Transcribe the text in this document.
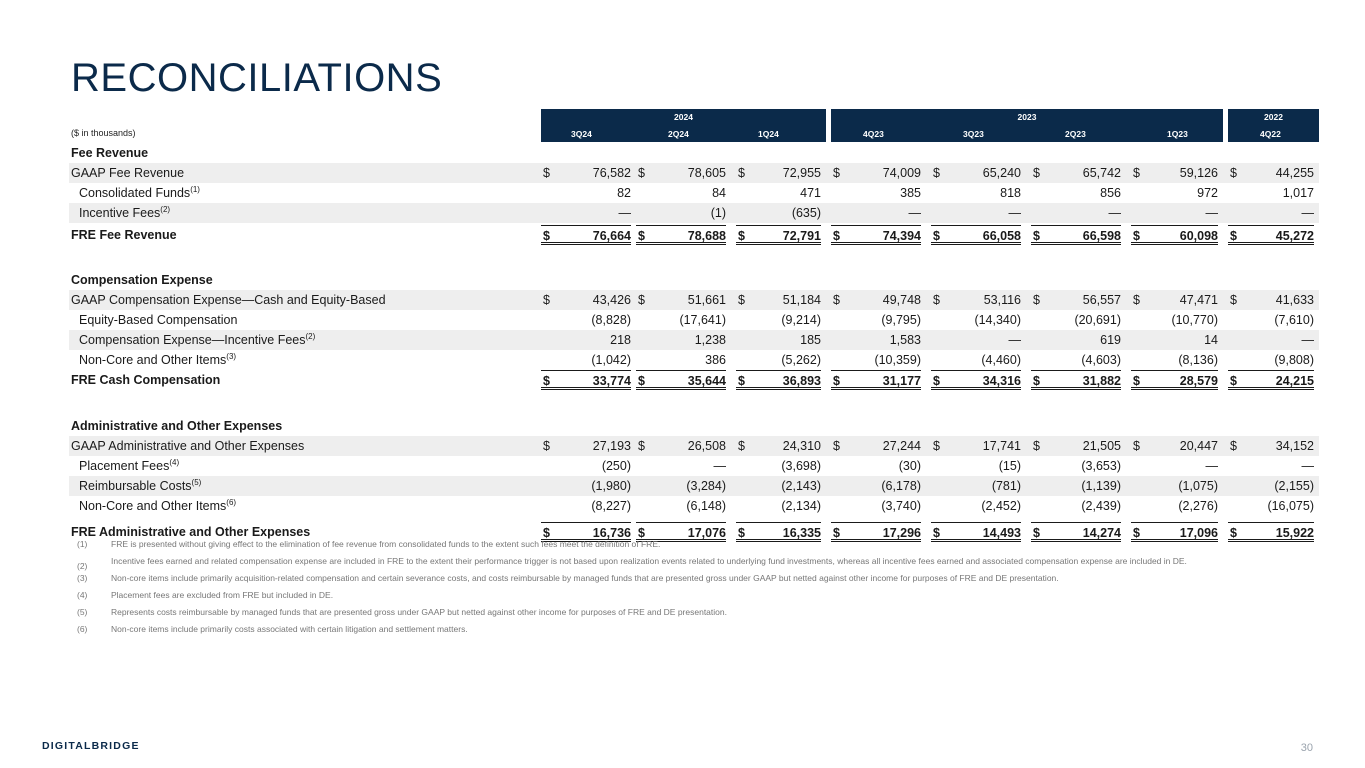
RECONCILIATIONS
2024	2023	2022
($ in thousands)	3Q24	2Q24	1Q24	4Q23	3Q23	2Q23	1Q23	4Q22
Fee Revenue
GAAP Fee Revenue	$	76,582 $	78,605 $	72,955 $	74,009 $	65,240 $	65,742 $	59,126 $	44,255
Consolidated Funds$^{(1)}$	82	84	471	385	818	856	972	1,017
Incentive Fees$^{(2)}$	—	(1)	(635)	—	—	—	—	—
FRE Fee Revenue	$	76,664 $	78,688 $	72,791 $	74,394 $	66,058 $	66,598 $	60,098 $	45,272
Compensation Expense
GAAP Compensation Expense—Cash and Equity-Based	$	43,426 $	51,661 $	51,184 $	49,748 $	53,116 $	56,557 $	47,471 $	41,633
Equity-Based Compensation	(8,828)	(17,641)	(9,214)	(9,795)	(14,340)	(20,691)	(10,770)	(7,610)
Compensation Expense—Incentive Fees$^{(2)}$	218	1,238	185	1,583	—	619	14	—
Non-Core and Other Items$^{(3)}$	(1,042)	386	(5,262)	(10,359)	(4,460)	(4,603)	(8,136)	(9,808)
FRE Cash Compensation	$	33,774 $	35,644 $	36,893 $	31,177 $	34,316 $	31,882 $	28,579 $	24,215
Administrative and Other Expenses
GAAP Administrative and Other Expenses	$	27,193 $	26,508 $	24,310 $	27,244 $	17,741 $	21,505 $	20,447 $	34,152
Placement Fees$^{(4)}$	(250)	—	(3,698)	(30)	(15)	(3,653)	—	—
Reimbursable Costs$^{(5)}$	(1,980)	(3,284)	(2,143)	(6,178)	(781)	(1,139)	(1,075)	(2,155)
Non-Core and Other Items$^{(6)}$	(8,227)	(6,148)	(2,134)	(3,740)	(2,452)	(2,439)	(2,276)	(16,075)
FRE Administrative and Other Expenses	$	16,736 $	17,076 $	16,335 $	17,296 $	14,493 $	14,274 $	17,096 $	15,922
(1)	FRE is presented without giving effect to the elimination of fee revenue from consolidated funds to the extent such fees meet the definition of FRE.
(2)	Incentive fees earned and related compensation expense are included in FRE to the extent their performance trigger is not based upon realization events related to underlying fund investments, whereas all incentive fees earned and associated compensation expense are included in DE.
(3)	Non-core items include primarily acquisition-related compensation and certain severance costs, and costs reimbursable by managed funds that are presented gross under GAAP but netted against other income for purposes of FRE and DE presentation.
(4)	Placement fees are excluded from FRE but included in DE.
(5)	Represents costs reimbursable by managed funds that are presented gross under GAAP but netted against other income for purposes of FRE and DE presentation.
(6)	Non-core items include primarily costs associated with certain litigation and settlement matters.
DIGITALBRIDGE	30
